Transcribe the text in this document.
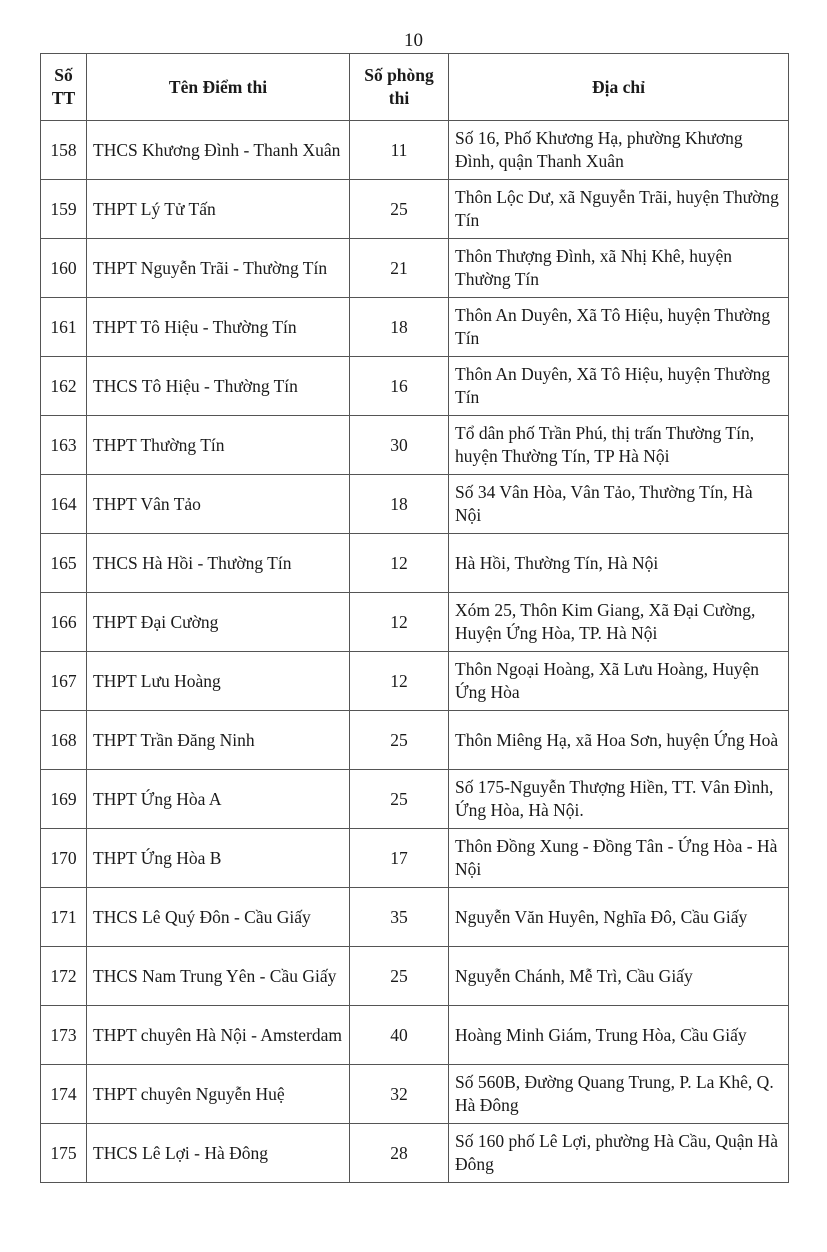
10
Số TT	Tên Điểm thi	Số phòng thi	Địa chỉ
158	THCS Khương Đình - Thanh Xuân	11	Số 16, Phố Khương Hạ, phường Khương Đình, quận Thanh Xuân
159	THPT Lý Tử Tấn	25	Thôn Lộc Dư, xã Nguyễn Trãi, huyện Thường Tín
160	THPT Nguyễn Trãi - Thường Tín	21	Thôn Thượng Đình, xã Nhị Khê, huyện Thường Tín
161	THPT Tô Hiệu - Thường Tín	18	Thôn An Duyên, Xã Tô Hiệu, huyện Thường Tín
162	THCS Tô Hiệu - Thường Tín	16	Thôn An Duyên, Xã Tô Hiệu, huyện Thường Tín
163	THPT Thường Tín	30	Tổ dân phố Trần Phú, thị trấn Thường Tín, huyện Thường Tín, TP Hà Nội
164	THPT Vân Tảo	18	Số 34 Vân Hòa, Vân Tảo, Thường Tín, Hà Nội
165	THCS Hà Hồi - Thường Tín	12	Hà Hồi, Thường Tín, Hà Nội
166	THPT Đại Cường	12	Xóm 25, Thôn Kim Giang, Xã Đại Cường, Huyện Ứng Hòa, TP. Hà Nội
167	THPT Lưu Hoàng	12	Thôn Ngoại Hoàng, Xã Lưu Hoàng, Huyện Ứng Hòa
168	THPT Trần Đăng Ninh	25	Thôn Miêng Hạ, xã Hoa Sơn, huyện Ứng Hoà
169	THPT Ứng Hòa A	25	Số 175-Nguyễn Thượng Hiền, TT. Vân Đình, Ứng Hòa, Hà Nội.
170	THPT Ứng Hòa B	17	Thôn Đồng Xung - Đồng Tân - Ứng Hòa - Hà Nội
171	THCS Lê Quý Đôn - Cầu Giấy	35	Nguyễn Văn Huyên, Nghĩa Đô, Cầu Giấy
172	THCS Nam Trung Yên - Cầu Giấy	25	Nguyễn Chánh, Mễ Trì, Cầu Giấy
173	THPT chuyên Hà Nội - Amsterdam	40	Hoàng Minh Giám, Trung Hòa, Cầu Giấy
174	THPT chuyên Nguyễn Huệ	32	Số 560B, Đường Quang Trung, P. La Khê, Q. Hà Đông
175	THCS Lê Lợi - Hà Đông	28	Số 160 phố Lê Lợi, phường Hà Cầu, Quận Hà Đông
